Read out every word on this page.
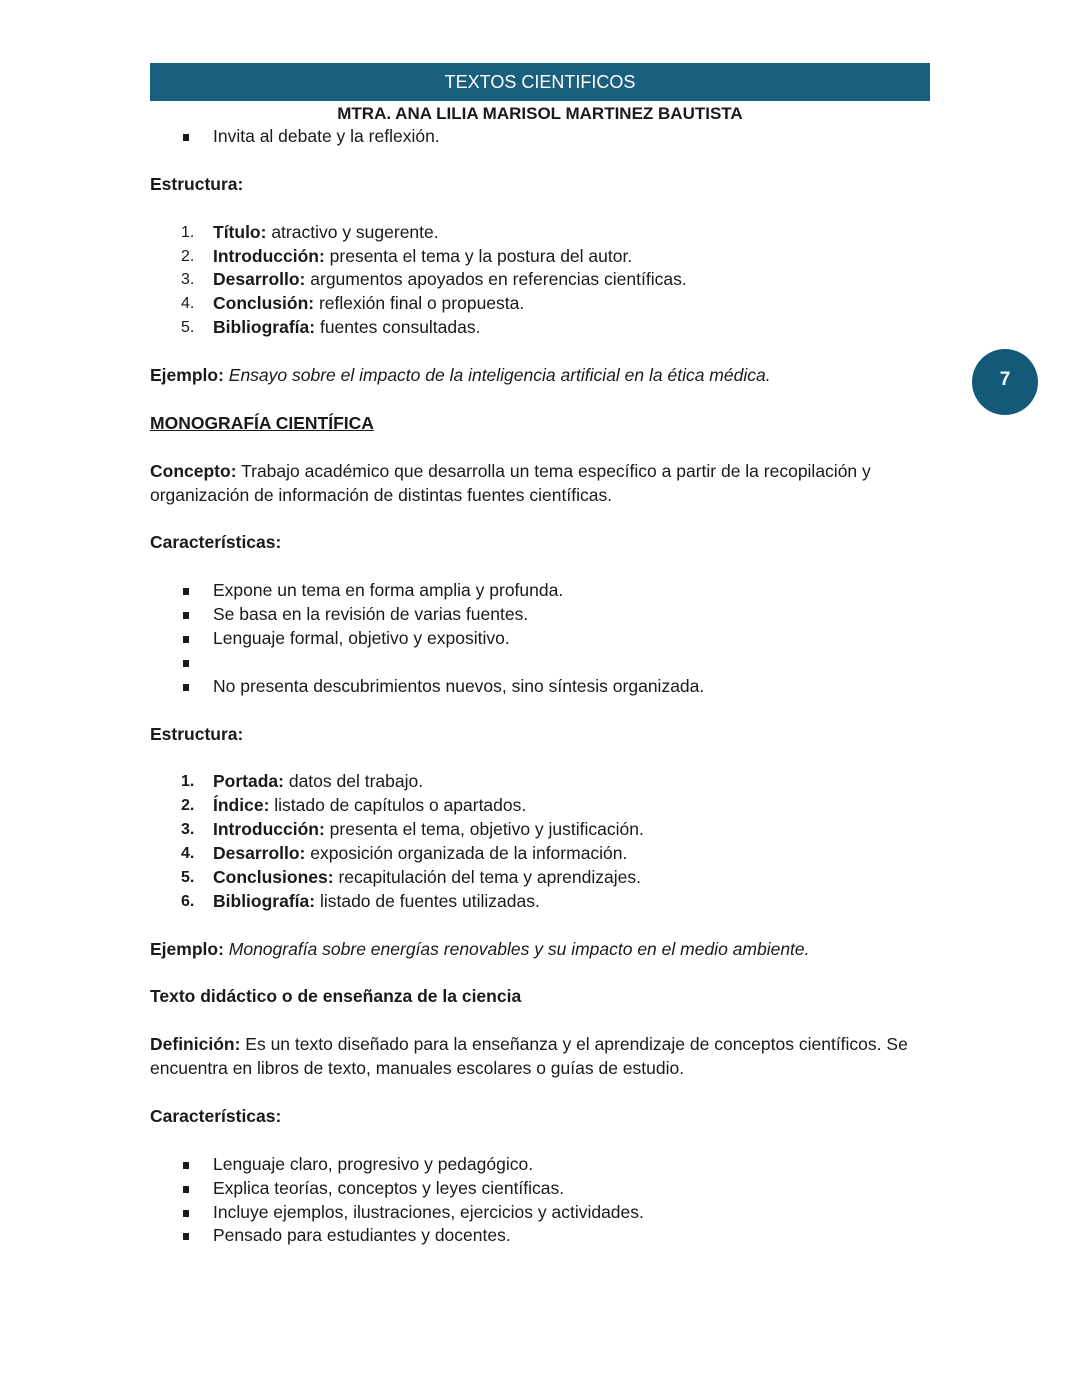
TEXTOS CIENTIFICOS
MTRA. ANA LILIA MARISOL MARTINEZ BAUTISTA
7
Invita al debate y la reflexión.

Estructura:

1. Título: atractivo y sugerente.
2. Introducción: presenta el tema y la postura del autor.
3. Desarrollo: argumentos apoyados en referencias científicas.
4. Conclusión: reflexión final o propuesta.
5. Bibliografía: fuentes consultadas.

Ejemplo: Ensayo sobre el impacto de la inteligencia artificial en la ética médica.

MONOGRAFÍA CIENTÍFICA

Concepto: Trabajo académico que desarrolla un tema específico a partir de la recopilación y organización de información de distintas fuentes científicas.

Características:

Expone un tema en forma amplia y profunda.
Se basa en la revisión de varias fuentes.
Lenguaje formal, objetivo y expositivo.
No presenta descubrimientos nuevos, sino síntesis organizada.

Estructura:

1. Portada: datos del trabajo.
2. Índice: listado de capítulos o apartados.
3. Introducción: presenta el tema, objetivo y justificación.
4. Desarrollo: exposición organizada de la información.
5. Conclusiones: recapitulación del tema y aprendizajes.
6. Bibliografía: listado de fuentes utilizadas.

Ejemplo: Monografía sobre energías renovables y su impacto en el medio ambiente.

Texto didáctico o de enseñanza de la ciencia

Definición: Es un texto diseñado para la enseñanza y el aprendizaje de conceptos científicos. Se encuentra en libros de texto, manuales escolares o guías de estudio.

Características:

Lenguaje claro, progresivo y pedagógico.
Explica teorías, conceptos y leyes científicas.
Incluye ejemplos, ilustraciones, ejercicios y actividades.
Pensado para estudiantes y docentes.
